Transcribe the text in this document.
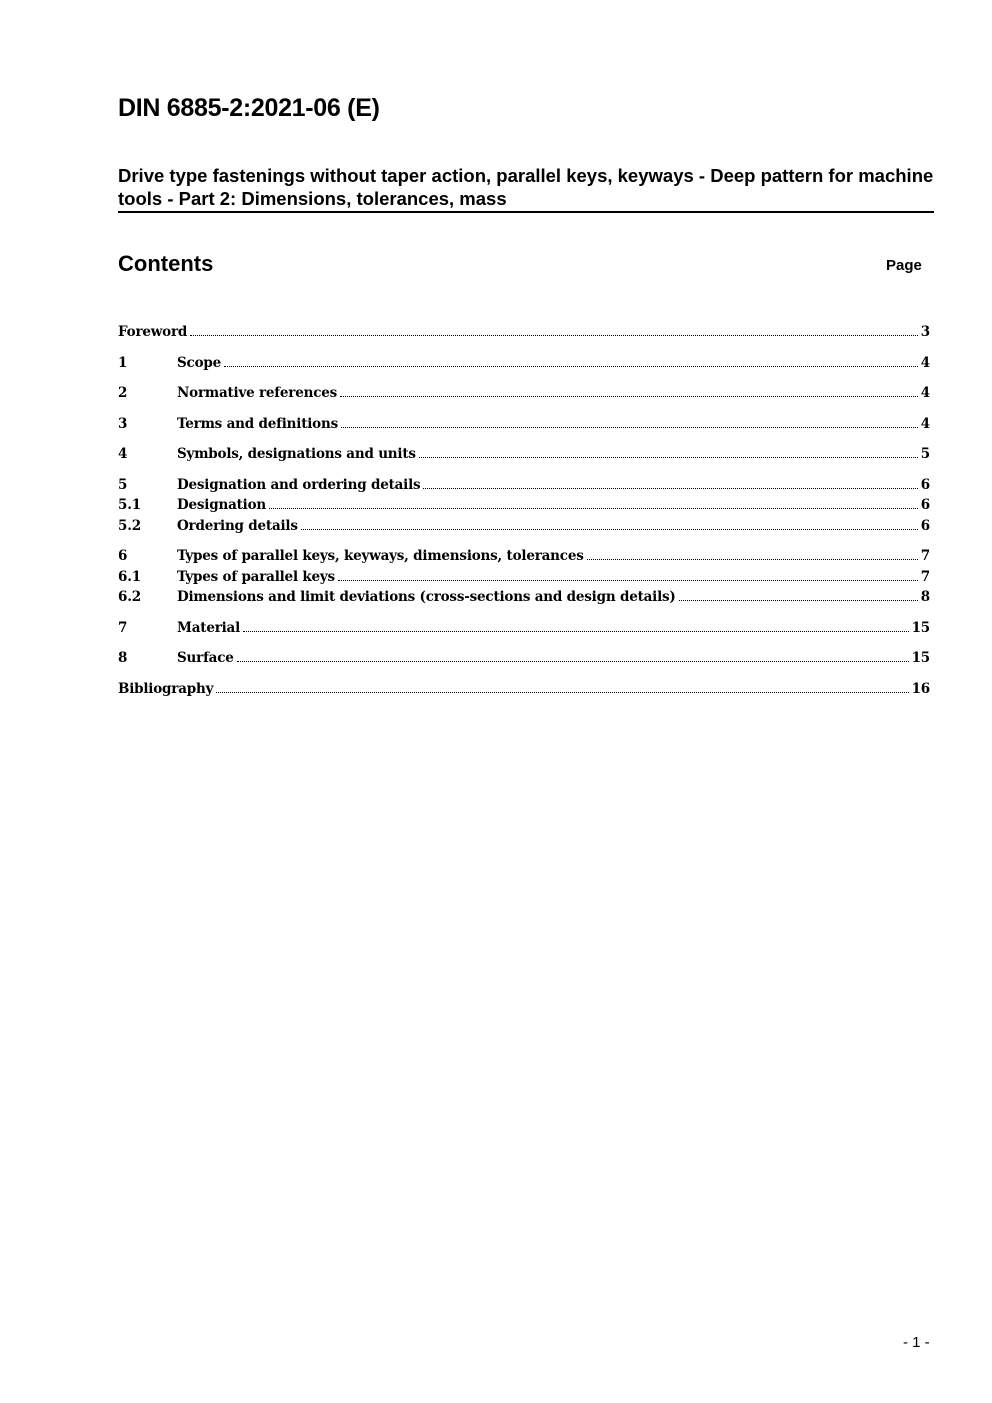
DIN 6885-2:2021-06 (E)
Drive type fastenings without taper action, parallel keys, keyways - Deep pattern for machine tools - Part 2: Dimensions, tolerances, mass
Contents	Page
Foreword	3
1	Scope	4
2	Normative references	4
3	Terms and definitions	4
4	Symbols, designations and units	5
5	Designation and ordering details	6
5.1	Designation	6
5.2	Ordering details	6
6	Types of parallel keys, keyways, dimensions, tolerances	7
6.1	Types of parallel keys	7
6.2	Dimensions and limit deviations (cross-sections and design details)	8
7	Material	15
8	Surface	15
Bibliography	16
- 1 -
